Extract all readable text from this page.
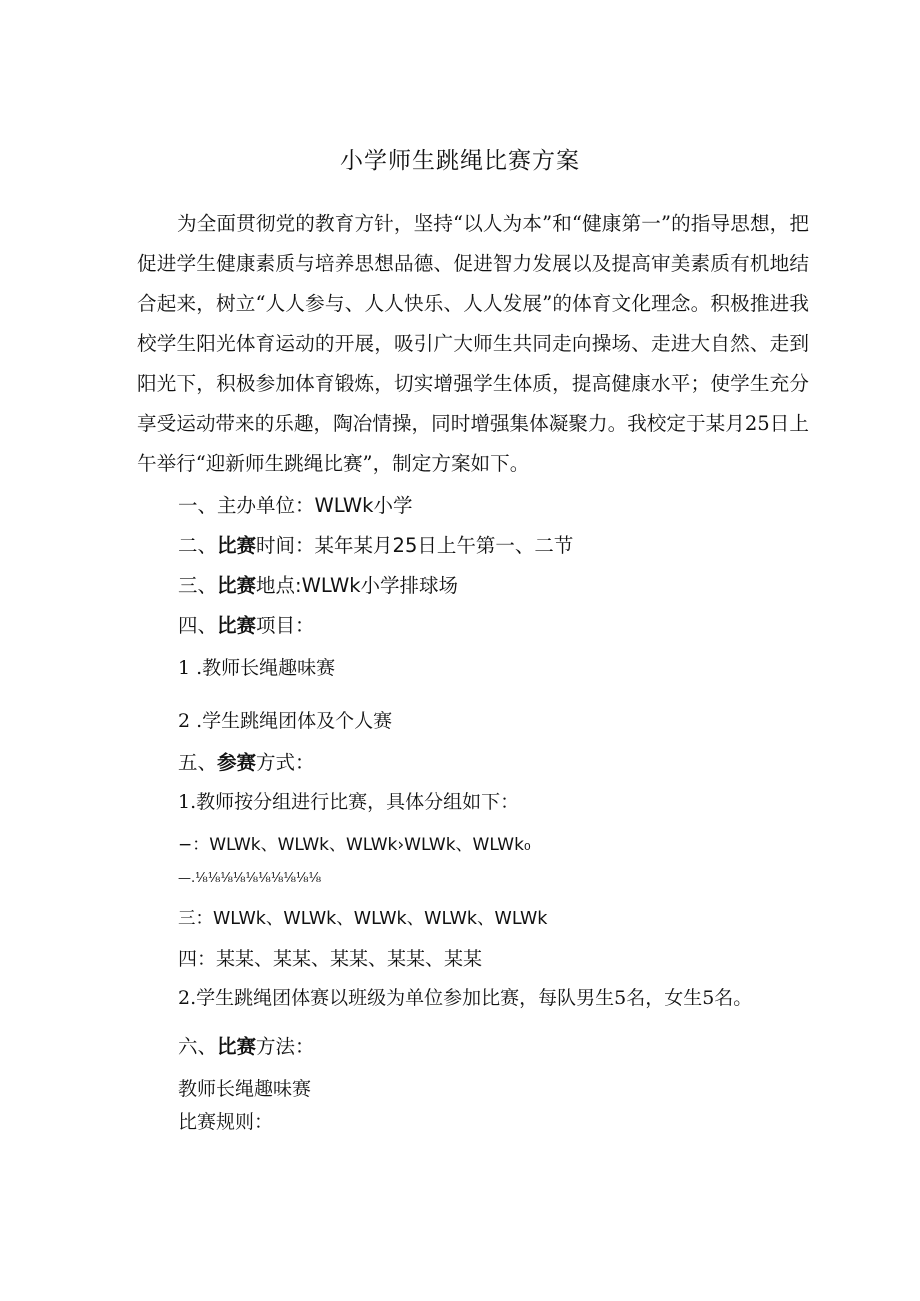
小学师生跳绳比赛方案

为全面贯彻党的教育方针，坚持“以人为本”和“健康第一”的指导思想，把促进学生健康素质与培养思想品德、促进智力发展以及提高审美素质有机地结合起来，树立“人人参与、人人快乐、人人发展”的体育文化理念。积极推进我校学生阳光体育运动的开展，吸引广大师生共同走向操场、走进大自然、走到阳光下，积极参加体育锻炼，切实增强学生体质，提高健康水平；使学生充分享受运动带来的乐趣，陶冶情操，同时增强集体凝聚力。我校定于某月25日上午举行“迎新师生跳绳比赛”，制定方案如下。

一、主办单位：WLWk小学
二、比赛时间：某年某月25日上午第一、二节
三、比赛地点:WLWk小学排球场
四、比赛项目：
1 .教师长绳趣味赛
2 .学生跳绳团体及个人赛
五、参赛方式：
1.教师按分组进行比赛，具体分组如下：
−：WLWk、WLWk、WLWk›WLWk、WLWk₀
—.⅛⅛⅛⅛⅛⅛⅛⅛⅛⅛
三：WLWk、WLWk、WLWk、WLWk、WLWk
四：某某、某某、某某、某某、某某
2.学生跳绳团体赛以班级为单位参加比赛，每队男生5名，女生5名。
六、比赛方法：
教师长绳趣味赛
比赛规则：
